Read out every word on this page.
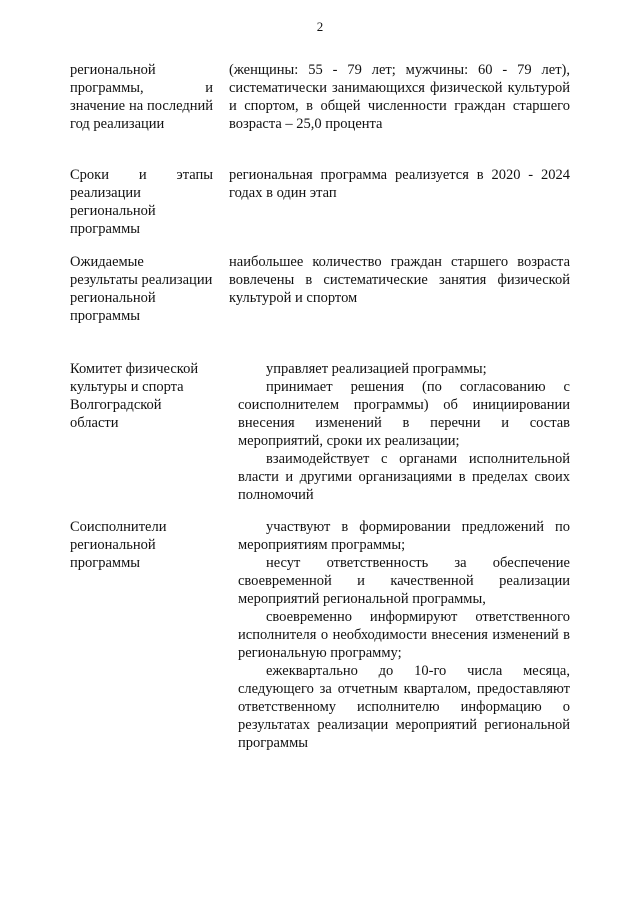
2
региональной программы, и значение на последний год реализации

(женщины: 55 - 79 лет; мужчины: 60 - 79 лет), систематически занимающихся физической культурой и спортом, в общей численности граждан старшего возраста – 25,0 процента

Сроки и этапы реализации региональной программы

региональная программа реализуется в 2020 - 2024 годах в один этап

Ожидаемые результаты реализации региональной программы

наибольшее количество граждан старшего возраста вовлечены в систематические занятия физической культурой и спортом

Комитет физической культуры и спорта Волгоградской области

управляет реализацией программы;

принимает решения (по согласованию с соисполнителем программы) об инициировании внесения изменений в перечни и состав мероприятий, сроки их реализации;

взаимодействует с органами исполнительной власти и другими организациями в пределах своих полномочий

Соисполнители региональной программы

участвуют в формировании предложений по мероприятиям программы;

несут ответственность за обеспечение своевременной и качественной реализации мероприятий региональной программы,

своевременно информируют ответственного исполнителя о необходимости внесения изменений в региональную программу;

ежеквартально до 10-го числа месяца, следующего за отчетным кварталом, предоставляют ответственному исполнителю информацию о результатах реализации мероприятий региональной программы
